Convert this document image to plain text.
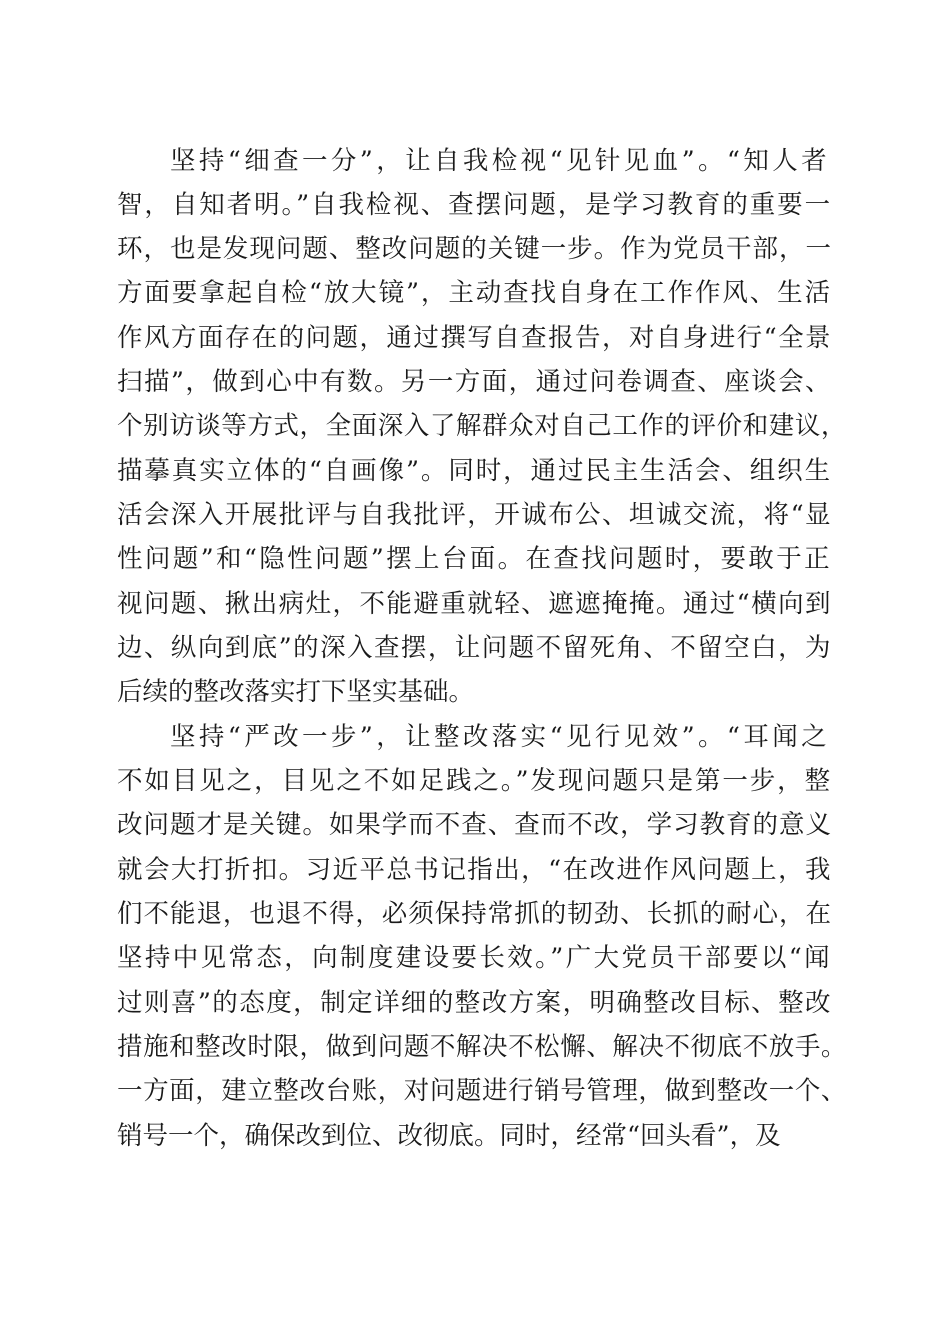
坚持“细查一分”，让自我检视“见针见血”。“知人者
智，自知者明。”自我检视、查摆问题，是学习教育的重要一
环，也是发现问题、整改问题的关键一步。作为党员干部，一
方面要拿起自检“放大镜”，主动查找自身在工作作风、生活
作风方面存在的问题，通过撰写自查报告，对自身进行“全景
扫描”，做到心中有数。另一方面，通过问卷调查、座谈会、
个别访谈等方式，全面深入了解群众对自己工作的评价和建议，
描摹真实立体的“自画像”。同时，通过民主生活会、组织生
活会深入开展批评与自我批评，开诚布公、坦诚交流，将“显
性问题”和“隐性问题”摆上台面。在查找问题时，要敢于正
视问题、揪出病灶，不能避重就轻、遮遮掩掩。通过“横向到
边、纵向到底”的深入查摆，让问题不留死角、不留空白，为
后续的整改落实打下坚实基础。
坚持“严改一步”，让整改落实“见行见效”。“耳闻之
不如目见之，目见之不如足践之。”发现问题只是第一步，整
改问题才是关键。如果学而不查、查而不改，学习教育的意义
就会大打折扣。习近平总书记指出，“在改进作风问题上，我
们不能退，也退不得，必须保持常抓的韧劲、长抓的耐心，在
坚持中见常态，向制度建设要长效。”广大党员干部要以“闻
过则喜”的态度，制定详细的整改方案，明确整改目标、整改
措施和整改时限，做到问题不解决不松懈、解决不彻底不放手。
一方面，建立整改台账，对问题进行销号管理，做到整改一个、
销号一个，确保改到位、改彻底。同时，经常“回头看”，及
